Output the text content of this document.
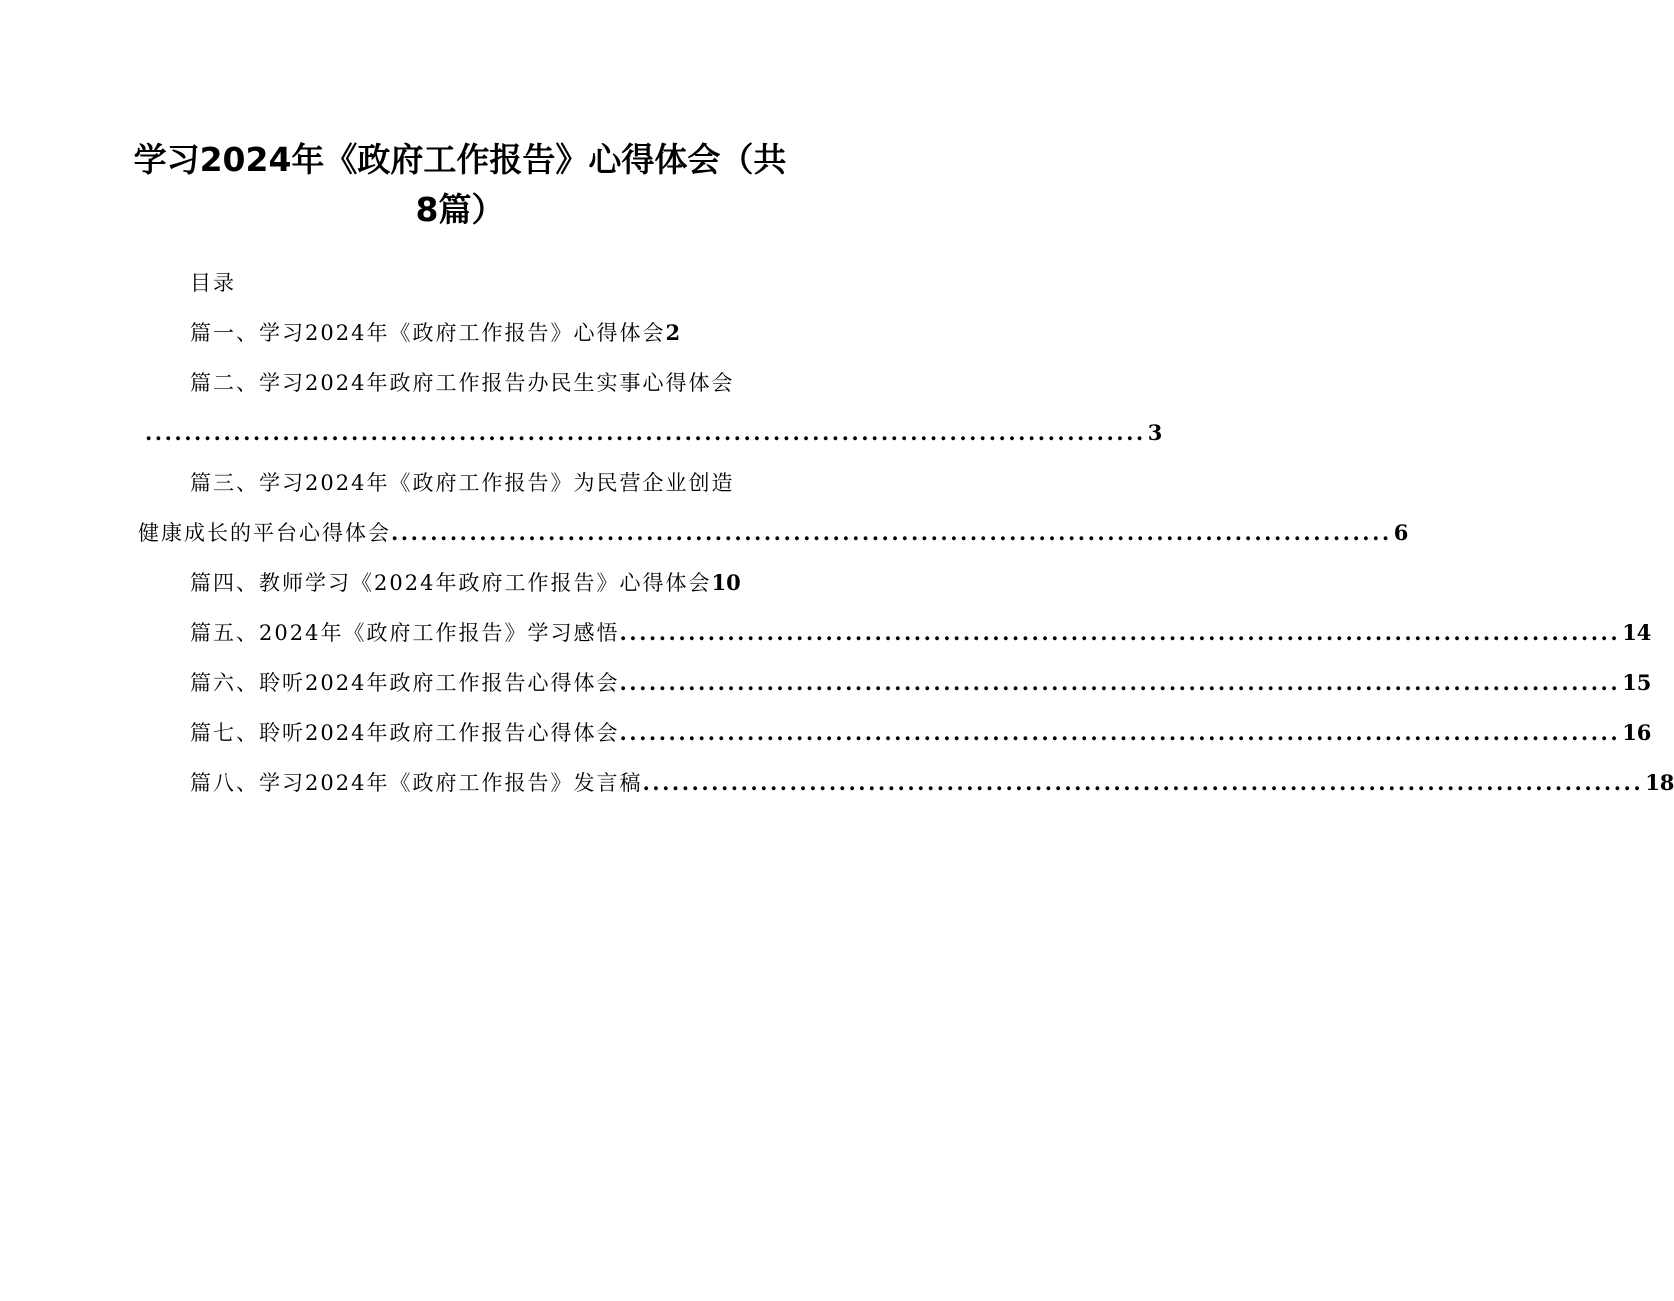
学习2024年《政府工作报告》心得体会（共
8篇）
目录
篇一、学习2024年《政府工作报告》心得体会2
篇二、学习2024年政府工作报告办民生实事心得体会
...................................................................................................... 3
篇三、学习2024年《政府工作报告》为民营企业创造
健康成长的平台心得体会 ...................................................................................................... 6
篇四、教师学习《2024年政府工作报告》心得体会10
篇五、2024年《政府工作报告》学习感悟 ...................................................................................................... 14
篇六、聆听2024年政府工作报告心得体会 ...................................................................................................... 15
篇七、聆听2024年政府工作报告心得体会 ...................................................................................................... 16
篇八、学习2024年《政府工作报告》发言稿 ...................................................................................................... 18
